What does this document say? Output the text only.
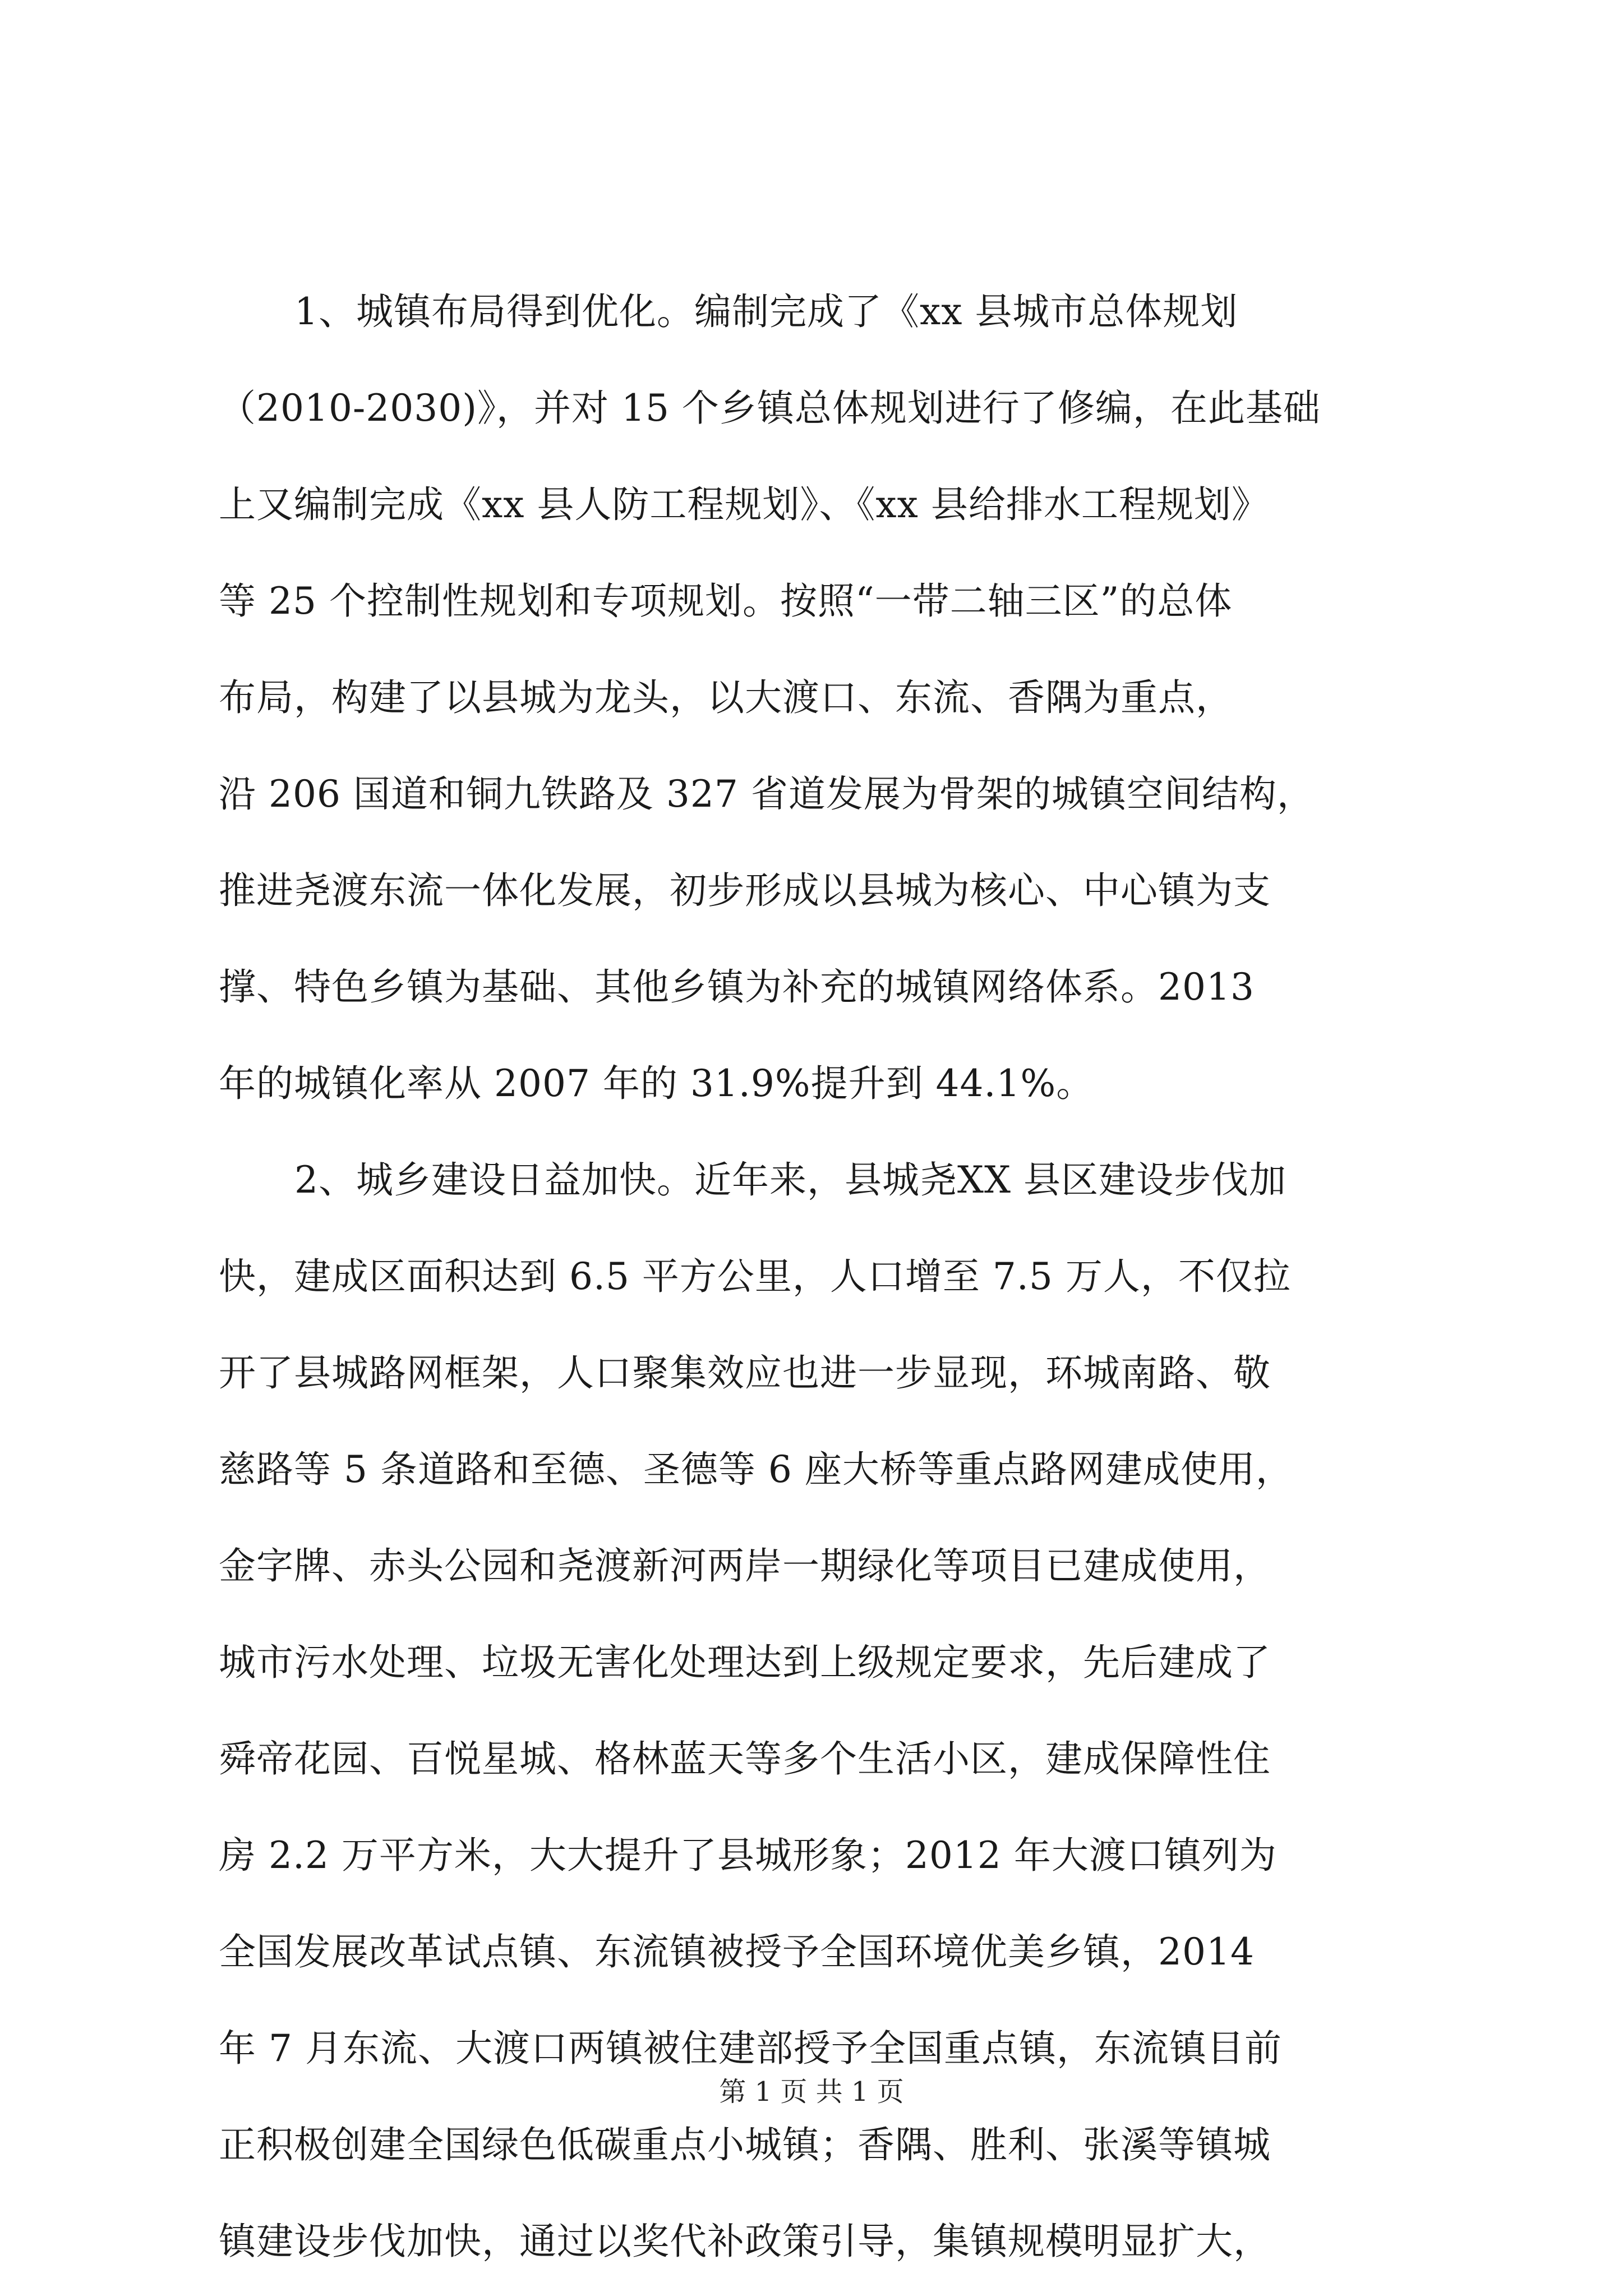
1、城镇布局得到优化。编制完成了《xx 县城市总体规划
（2010-2030)》，并对 15 个乡镇总体规划进行了修编，在此基础
上又编制完成《xx 县人防工程规划》、《xx 县给排水工程规划》
等 25 个控制性规划和专项规划。按照“一带二轴三区”的总体
布局，构建了以县城为龙头，以大渡口、东流、香隅为重点，
沿 206 国道和铜九铁路及 327 省道发展为骨架的城镇空间结构，
推进尧渡东流一体化发展，初步形成以县城为核心、中心镇为支
撑、特色乡镇为基础、其他乡镇为补充的城镇网络体系。2013
年的城镇化率从 2007 年的 31.9%提升到 44.1%。
2、城乡建设日益加快。近年来，县城尧XX 县区建设步伐加
快，建成区面积达到 6.5 平方公里，人口增至 7.5 万人，不仅拉
开了县城路网框架，人口聚集效应也进一步显现，环城南路、敬
慈路等 5 条道路和至德、圣德等 6 座大桥等重点路网建成使用，
金字牌、赤头公园和尧渡新河两岸一期绿化等项目已建成使用，
城市污水处理、垃圾无害化处理达到上级规定要求，先后建成了
舜帝花园、百悦星城、格林蓝天等多个生活小区，建成保障性住
房 2.2 万平方米，大大提升了县城形象；2012 年大渡口镇列为
全国发展改革试点镇、东流镇被授予全国环境优美乡镇，2014
年 7 月东流、大渡口两镇被住建部授予全国重点镇，东流镇目前
正积极创建全国绿色低碳重点小城镇；香隅、胜利、张溪等镇城
镇建设步伐加快，通过以奖代补政策引导，集镇规模明显扩大，
第 1 页 共 1 页
